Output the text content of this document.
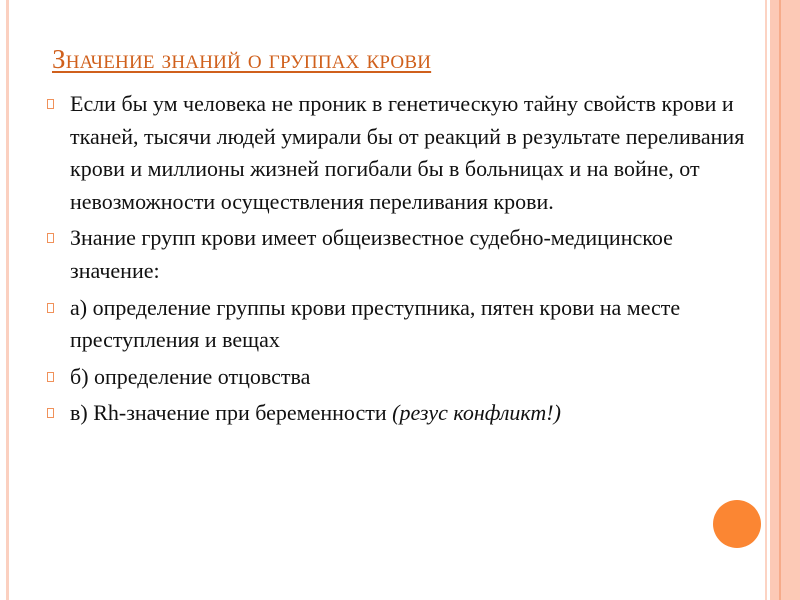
Значение знаний о группах крови
Если бы ум человека не проник в генетическую тайну свойств крови и тканей, тысячи людей умирали бы от реакций в результате переливания крови и миллионы жизней погибали бы в больницах и на войне, от невозможности осуществления переливания крови.
Знание групп крови имеет общеизвестное судебно-медицинское значение:
а) определение группы крови преступника, пятен крови на месте преступления и вещах
б) определение отцовства
в) Rh-значение при беременности (резус конфликт!)
